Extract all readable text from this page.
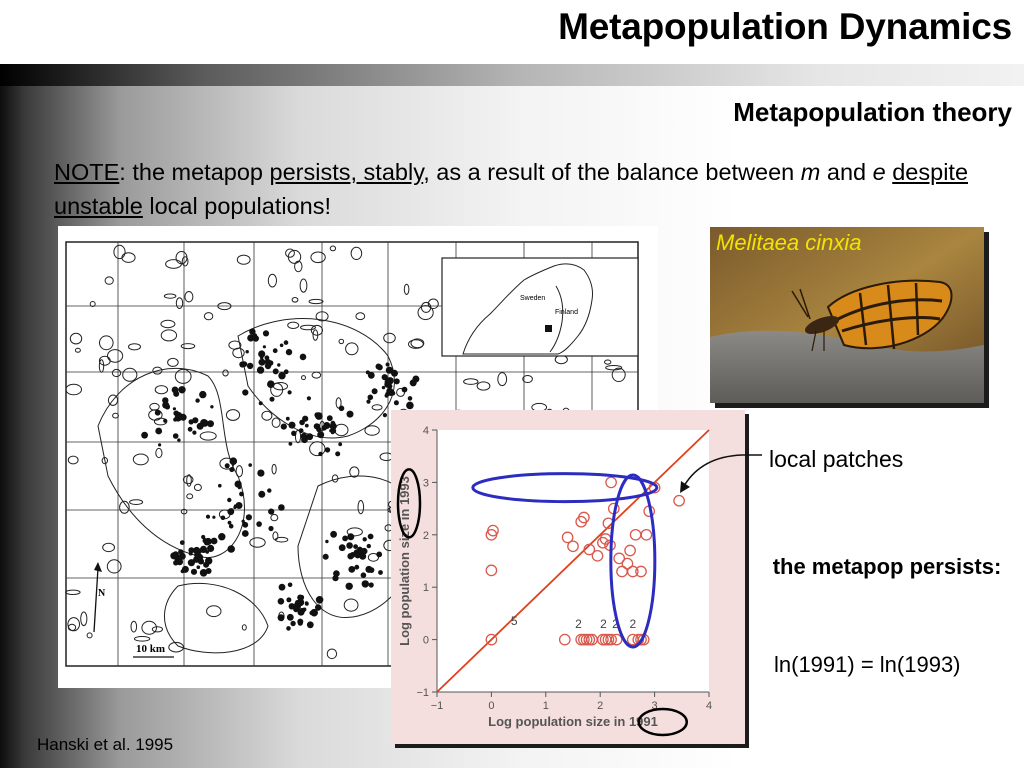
Metapopulation Dynamics
Metapopulation theory
NOTE: the metapop persists, stably, as a result of the balance between m and e despite unstable local populations!
Sweden
Finland
N
10 km
Melitaea cinxia
−1	0	1	2	3	4
−1
0
1
2
3
4
Log population size in 1991
Log population size in 1993	5	2 2 2 2
local patches
the metapop persists:
ln(1991) = ln(1993)
Hanski et al. 1995
